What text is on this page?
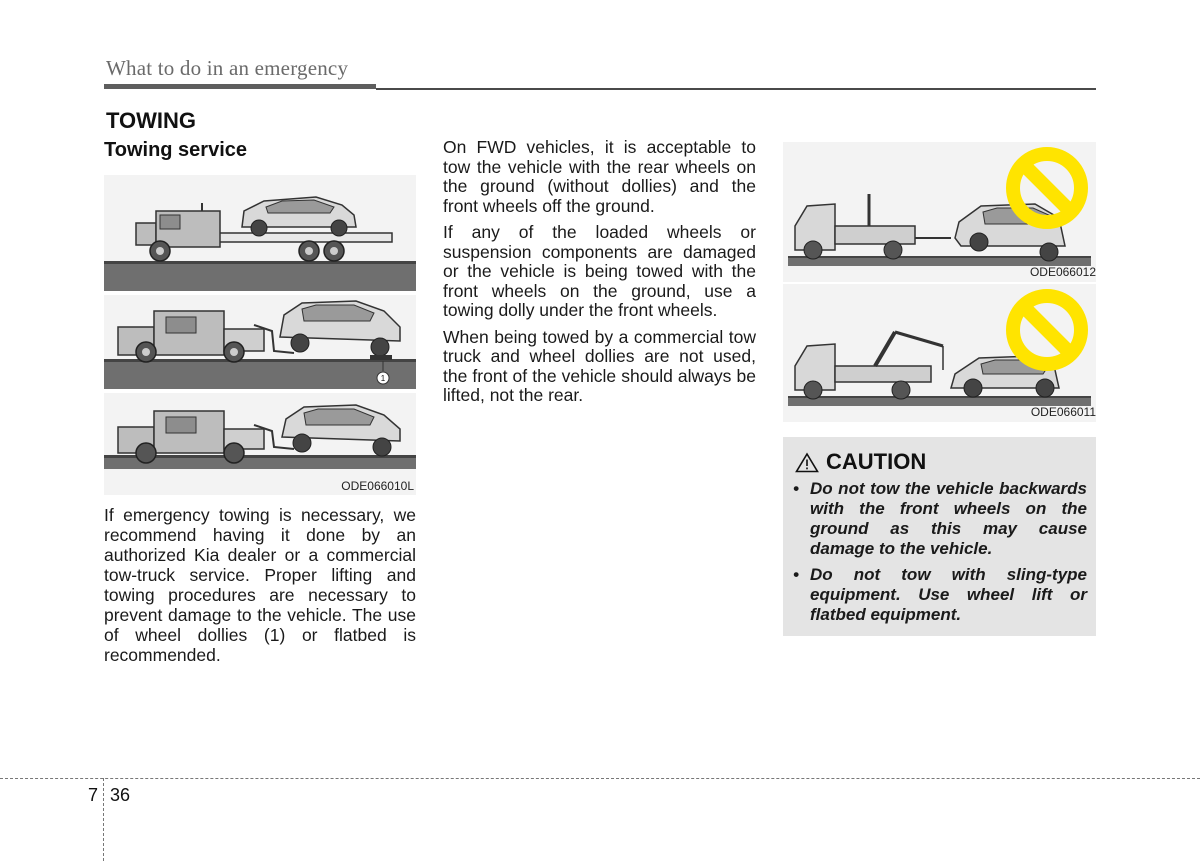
What to do in an emergency
TOWING
Towing service
1
ODE066010L

If emergency towing is necessary, we recommend having it done by an authorized Kia dealer or a commercial tow-truck service. Proper lifting and towing procedures are necessary to prevent damage to the vehicle. The use of wheel dollies (1) or flatbed is recommended.

On FWD vehicles, it is acceptable to tow the vehicle with the rear wheels on the ground (without dollies) and the front wheels off the ground.

If any of the loaded wheels or suspension components are damaged or the vehicle is being towed with the front wheels on the ground, use a towing dolly under the front wheels.

When being towed by a commercial tow truck and wheel dollies are not used, the front of the vehicle should always be lifted, not the rear.

ODE066012
ODE066011
CAUTION
• Do not tow the vehicle backwards with the front wheels on the ground as this may cause damage to the vehicle.
• Do not tow with sling-type equipment. Use wheel lift or flatbed equipment.
7 36
